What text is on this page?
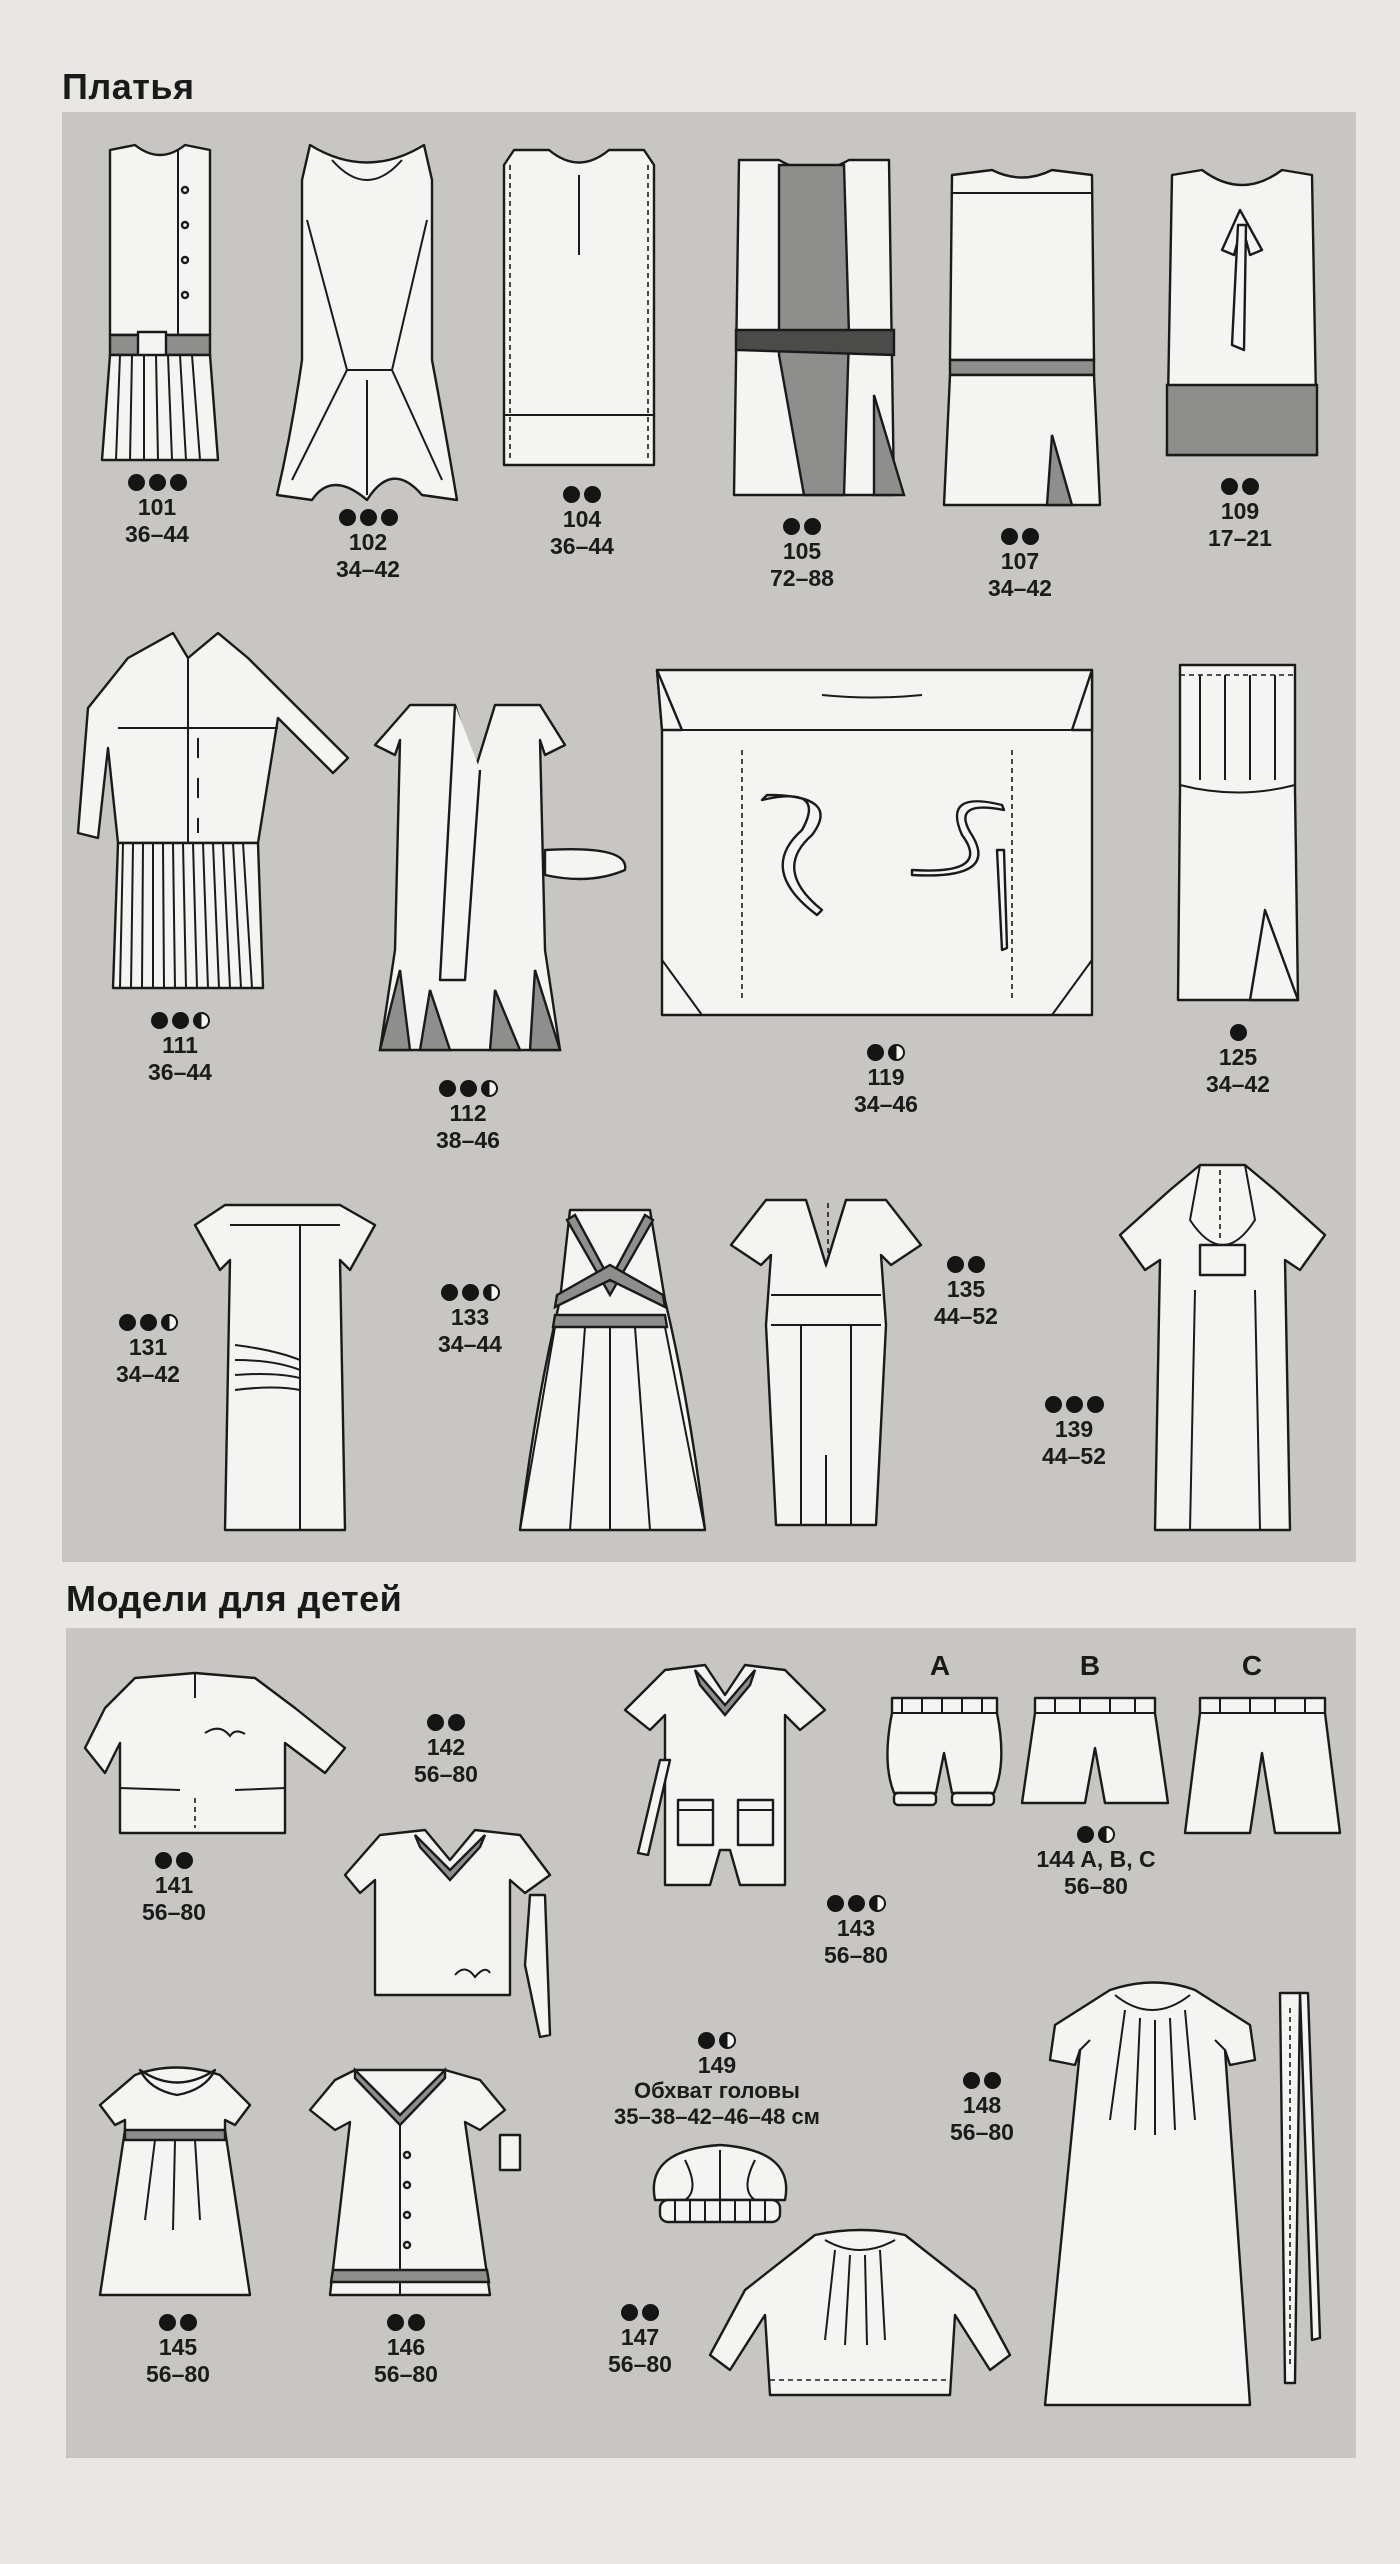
Платья
Модели для детей
101
36–44	102
34–42
104
36–44	105
72–88
107
34–42
109
17–21
111
36–44
112
38–46
119
34–46
125
34–42
131
34–42
133
34–44
135
44–52
139
44–52
141
56–80
142
56–80
143
56–80
144 A, B, C
56–80
145
56–80
146
56–80
147
56–80
148
56–80
149
Обхват головы
35–38–42–46–48 см
A	B	C
